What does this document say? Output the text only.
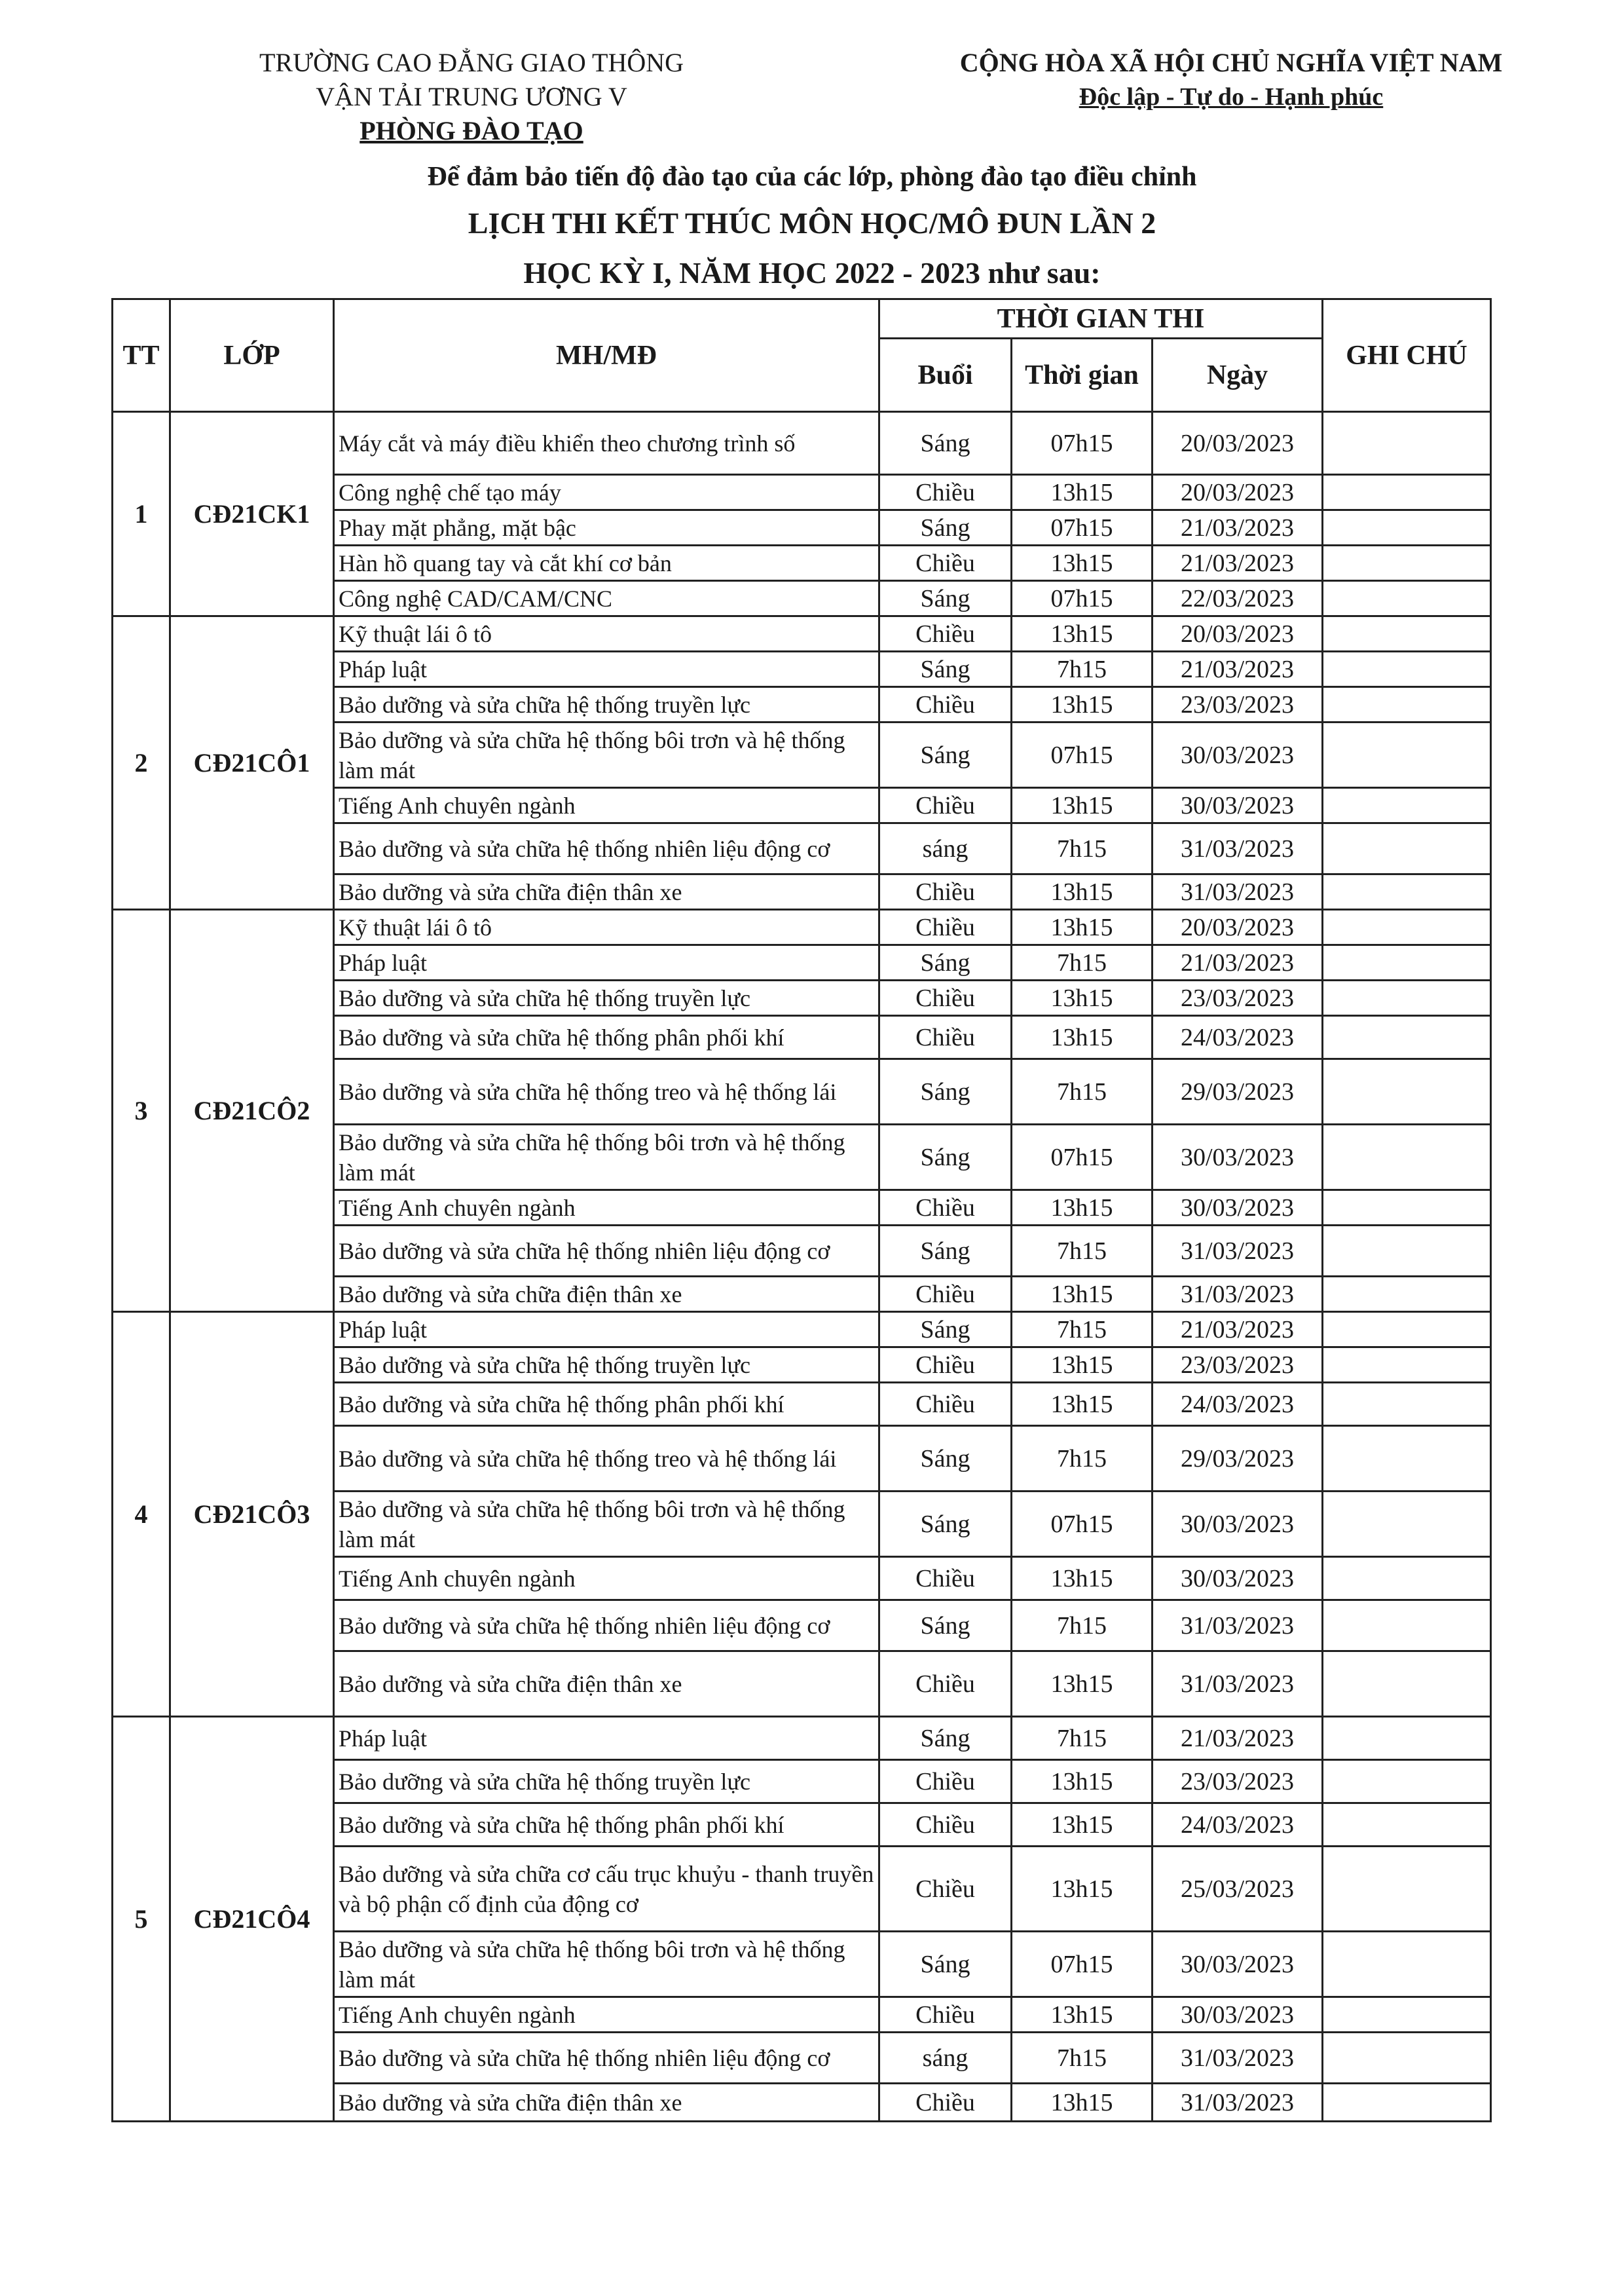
TRƯỜNG CAO ĐẲNG GIAO THÔNG
VẬN TẢI TRUNG ƯƠNG V
PHÒNG ĐÀO TẠO
CỘNG HÒA XÃ HỘI CHỦ NGHĨA VIỆT NAM
Độc lập - Tự do - Hạnh phúc
Để đảm bảo tiến độ đào tạo của các lớp, phòng đào tạo điều chỉnh
LỊCH THI KẾT THÚC MÔN HỌC/MÔ ĐUN LẦN 2
HỌC KỲ I, NĂM HỌC 2022 - 2023 như sau:
TT	LỚP	MH/MĐ	THỜI GIAN THI			GHI CHÚ
			Buổi	Thời gian	Ngày	
1	CĐ21CK1	Máy cắt và máy điều khiển theo chương trình số	Sáng	07h15	20/03/2023	
		Công nghệ chế tạo máy	Chiều	13h15	20/03/2023	
		Phay mặt phẳng, mặt bậc	Sáng	07h15	21/03/2023	
		Hàn hồ quang tay và cắt khí cơ bản	Chiều	13h15	21/03/2023	
		Công nghệ CAD/CAM/CNC	Sáng	07h15	22/03/2023	
2	CĐ21CÔ1	Kỹ thuật lái ô tô	Chiều	13h15	20/03/2023	
		Pháp luật	Sáng	7h15	21/03/2023	
		Bảo dưỡng và sửa chữa hệ thống truyền lực	Chiều	13h15	23/03/2023	
		Bảo dưỡng và sửa chữa hệ thống bôi trơn và hệ thống làm mát	Sáng	07h15	30/03/2023	
		Tiếng Anh chuyên ngành	Chiều	13h15	30/03/2023	
		Bảo dưỡng và sửa chữa hệ thống nhiên liệu động cơ	sáng	7h15	31/03/2023	
		Bảo dưỡng và sửa chữa điện thân xe	Chiều	13h15	31/03/2023	
3	CĐ21CÔ2	Kỹ thuật lái ô tô	Chiều	13h15	20/03/2023	
		Pháp luật	Sáng	7h15	21/03/2023	
		Bảo dưỡng và sửa chữa hệ thống truyền lực	Chiều	13h15	23/03/2023	
		Bảo dưỡng và sửa chữa hệ thống phân phối khí	Chiều	13h15	24/03/2023	
		Bảo dưỡng và sửa chữa hệ thống treo và hệ thống lái	Sáng	7h15	29/03/2023	
		Bảo dưỡng và sửa chữa hệ thống bôi trơn và hệ thống làm mát	Sáng	07h15	30/03/2023	
		Tiếng Anh chuyên ngành	Chiều	13h15	30/03/2023	
		Bảo dưỡng và sửa chữa hệ thống nhiên liệu động cơ	Sáng	7h15	31/03/2023	
		Bảo dưỡng và sửa chữa điện thân xe	Chiều	13h15	31/03/2023	
4	CĐ21CÔ3	Pháp luật	Sáng	7h15	21/03/2023	
		Bảo dưỡng và sửa chữa hệ thống truyền lực	Chiều	13h15	23/03/2023	
		Bảo dưỡng và sửa chữa hệ thống phân phối khí	Chiều	13h15	24/03/2023	
		Bảo dưỡng và sửa chữa hệ thống treo và hệ thống lái	Sáng	7h15	29/03/2023	
		Bảo dưỡng và sửa chữa hệ thống bôi trơn và hệ thống làm mát	Sáng	07h15	30/03/2023	
		Tiếng Anh chuyên ngành	Chiều	13h15	30/03/2023	
		Bảo dưỡng và sửa chữa hệ thống nhiên liệu động cơ	Sáng	7h15	31/03/2023	
		Bảo dưỡng và sửa chữa điện thân xe	Chiều	13h15	31/03/2023	
5	CĐ21CÔ4	Pháp luật	Sáng	7h15	21/03/2023	
		Bảo dưỡng và sửa chữa hệ thống truyền lực	Chiều	13h15	23/03/2023	
		Bảo dưỡng và sửa chữa hệ thống phân phối khí	Chiều	13h15	24/03/2023	
		Bảo dưỡng và sửa chữa cơ cấu trục khuỷu - thanh truyền và bộ phận cố định của động cơ	Chiều	13h15	25/03/2023	
		Bảo dưỡng và sửa chữa hệ thống bôi trơn và hệ thống làm mát	Sáng	07h15	30/03/2023	
		Tiếng Anh chuyên ngành	Chiều	13h15	30/03/2023	
		Bảo dưỡng và sửa chữa hệ thống nhiên liệu động cơ	sáng	7h15	31/03/2023	
		Bảo dưỡng và sửa chữa điện thân xe	Chiều	13h15	31/03/2023	
